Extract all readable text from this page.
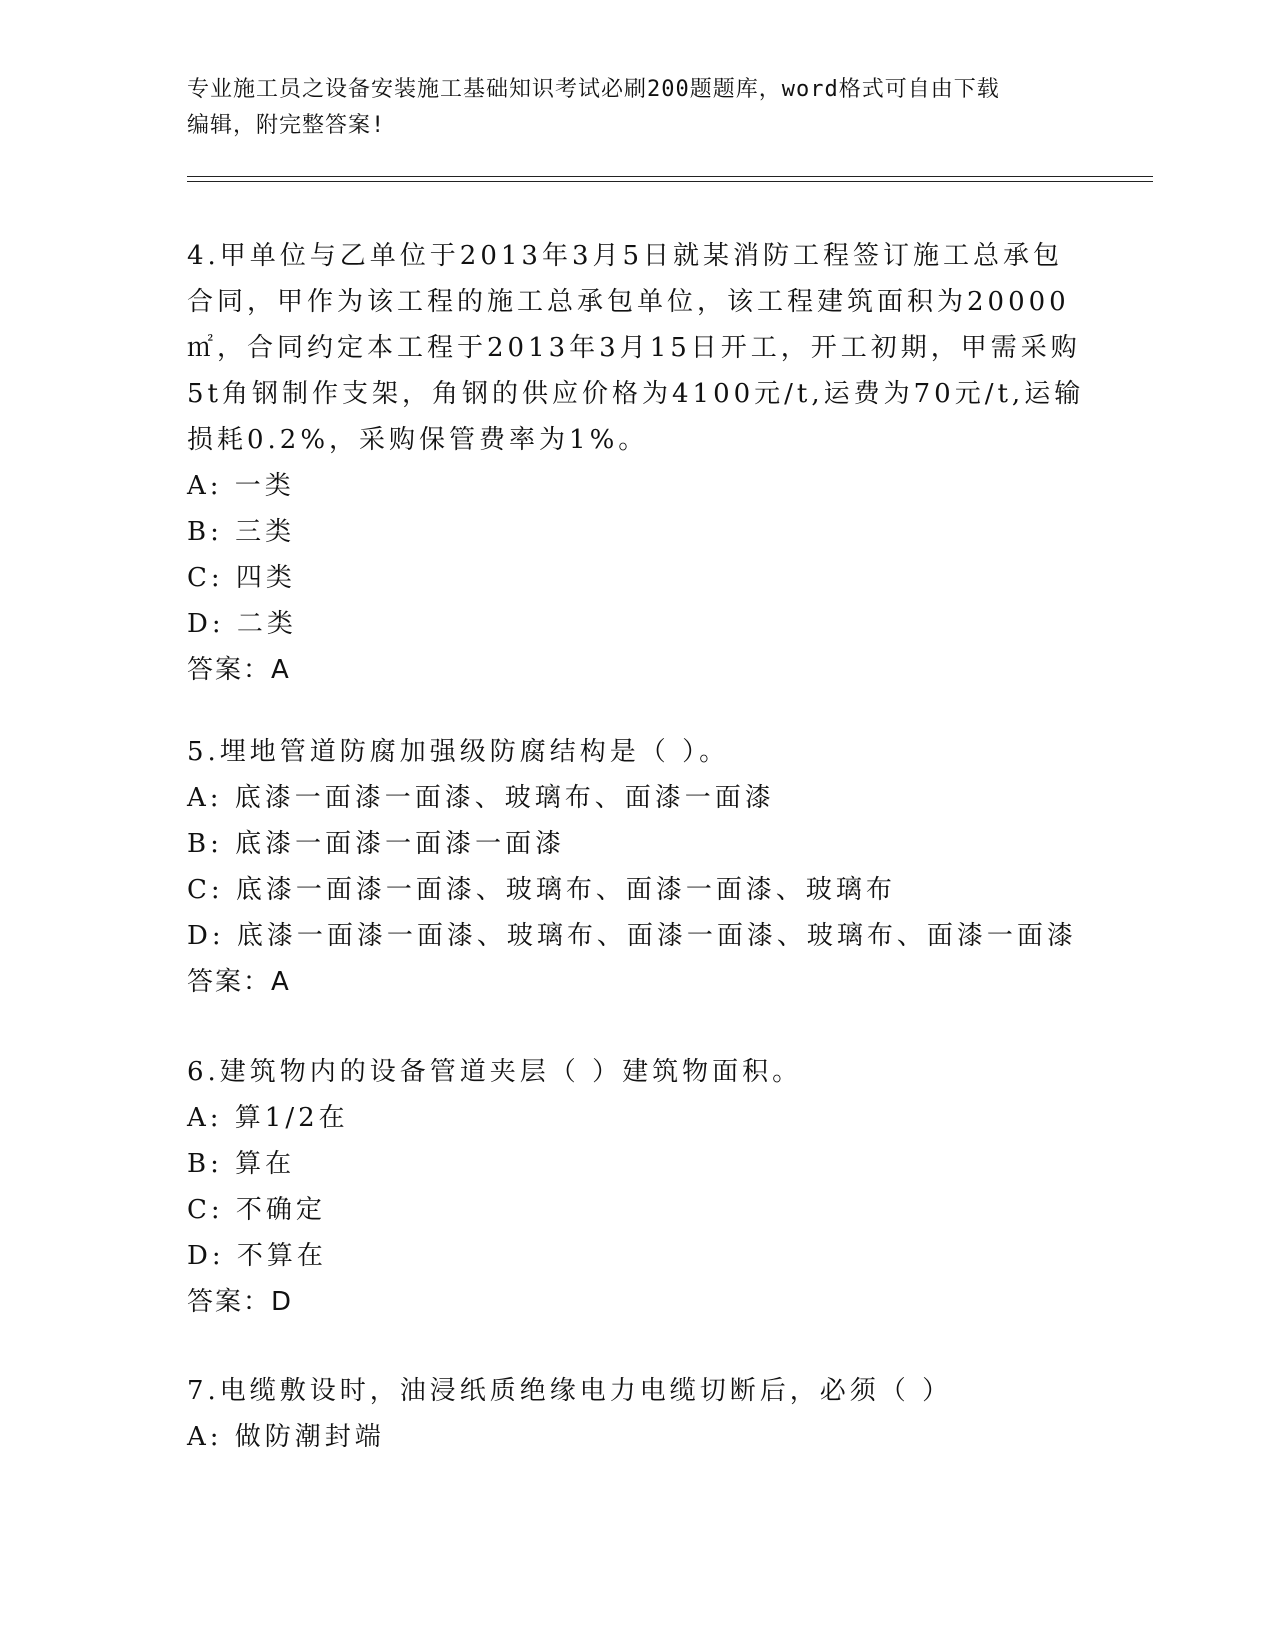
专业施工员之设备安装施工基础知识考试必刷200题题库，word格式可自由下载
编辑，附完整答案!

4.甲单位与乙单位于2013年3月5日就某消防工程签订施工总承包合同，甲作为该工程的施工总承包单位，该工程建筑面积为20000㎡，合同约定本工程于2013年3月15日开工，开工初期，甲需采购5t角钢制作支架，角钢的供应价格为4100元/t,运费为70元/t,运输损耗0.2%，采购保管费率为1%。

A: 一类

B: 三类

C: 四类

D: 二类

答案：A

5.埋地管道防腐加强级防腐结构是（ ）。

A: 底漆一面漆一面漆、玻璃布、面漆一面漆

B: 底漆一面漆一面漆一面漆

C: 底漆一面漆一面漆、玻璃布、面漆一面漆、玻璃布

D: 底漆一面漆一面漆、玻璃布、面漆一面漆、玻璃布、面漆一面漆

答案：A

6.建筑物内的设备管道夹层（ ）建筑物面积。

A: 算1/2在

B: 算在

C: 不确定

D: 不算在

答案：D

7.电缆敷设时，油浸纸质绝缘电力电缆切断后，必须（ ）

A: 做防潮封端
